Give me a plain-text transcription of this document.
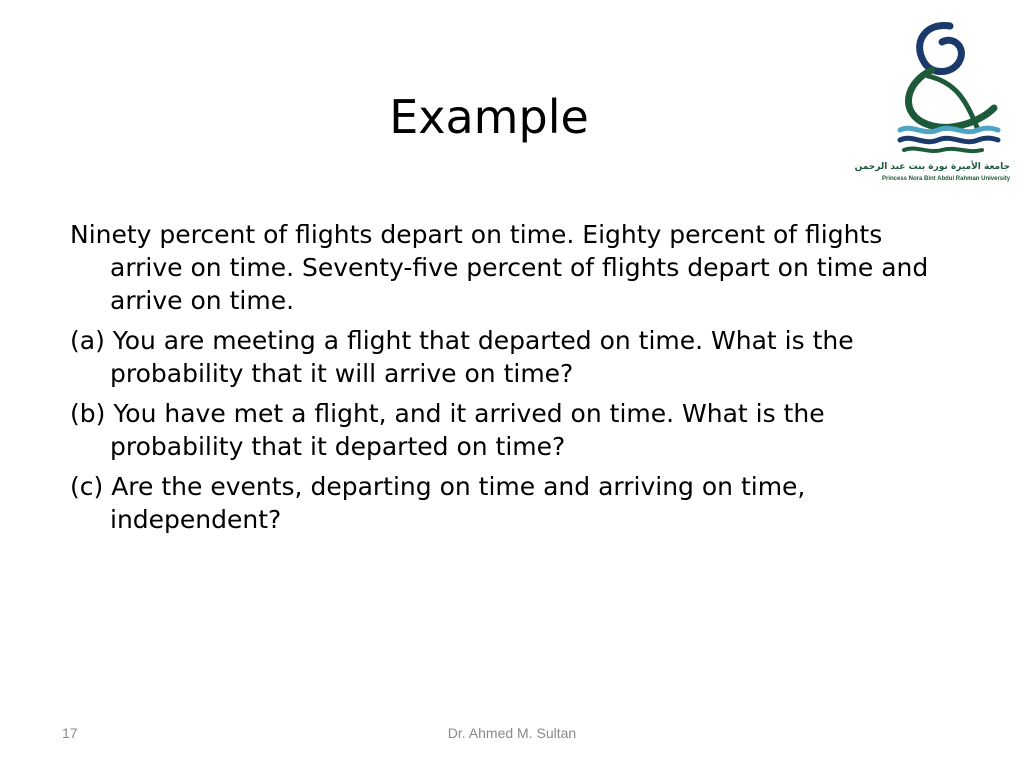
Example
جامعة الأميرة نورة بنت عبد الرحمن
Princess Nora Bint Abdul Rahman University

Ninety percent of flights depart on time. Eighty percent of flights arrive on time. Seventy-five percent of flights depart on time and arrive on time.

(a) You are meeting a flight that departed on time. What is the probability that it will arrive on time?

(b) You have met a flight, and it arrived on time. What is the probability that it departed on time?

(c) Are the events, departing on time and arriving on time, independent?

17	Dr. Ahmed M. Sultan
